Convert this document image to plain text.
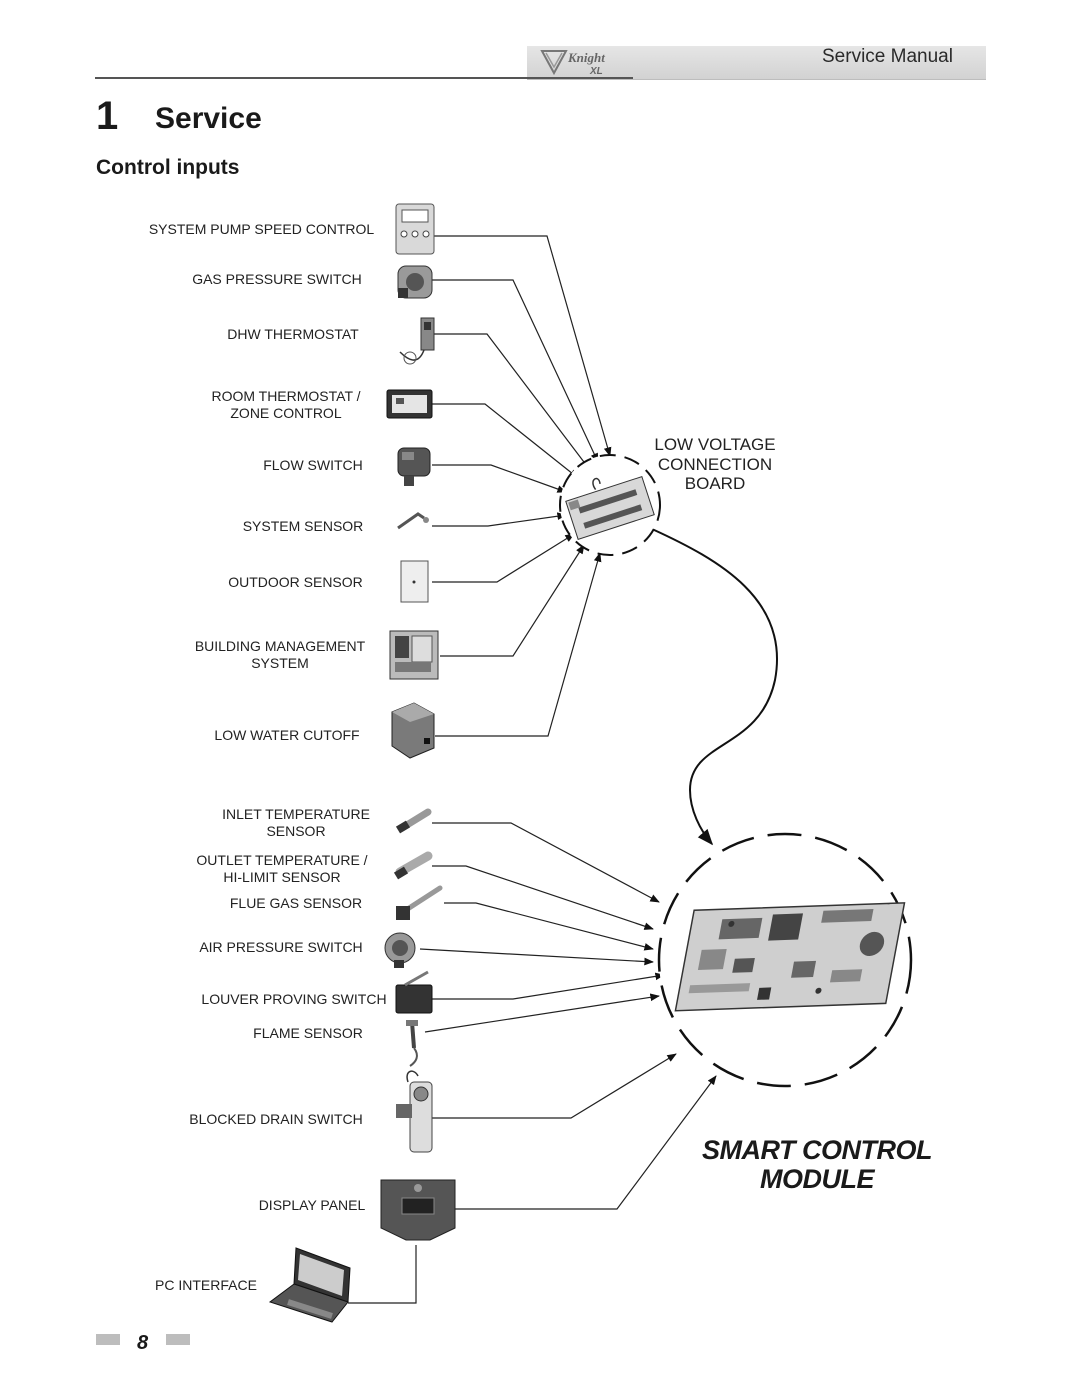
Knight
XL
Service Manual
1 Service
Control inputs
SYSTEM PUMP SPEED CONTROL
GAS PRESSURE SWITCH
DHW THERMOSTAT
ROOM THERMOSTAT /
ZONE CONTROL
FLOW SWITCH
SYSTEM SENSOR
OUTDOOR SENSOR
BUILDING MANAGEMENT
SYSTEM
LOW WATER CUTOFF
INLET TEMPERATURE
SENSOR
OUTLET TEMPERATURE /
HI-LIMIT SENSOR
FLUE GAS SENSOR
AIR PRESSURE SWITCH
LOUVER PROVING SWITCH
FLAME SENSOR
BLOCKED DRAIN SWITCH
DISPLAY PANEL
PC INTERFACE
LOW VOLTAGE
CONNECTION
BOARD
SMART CONTROL
MODULE
8
